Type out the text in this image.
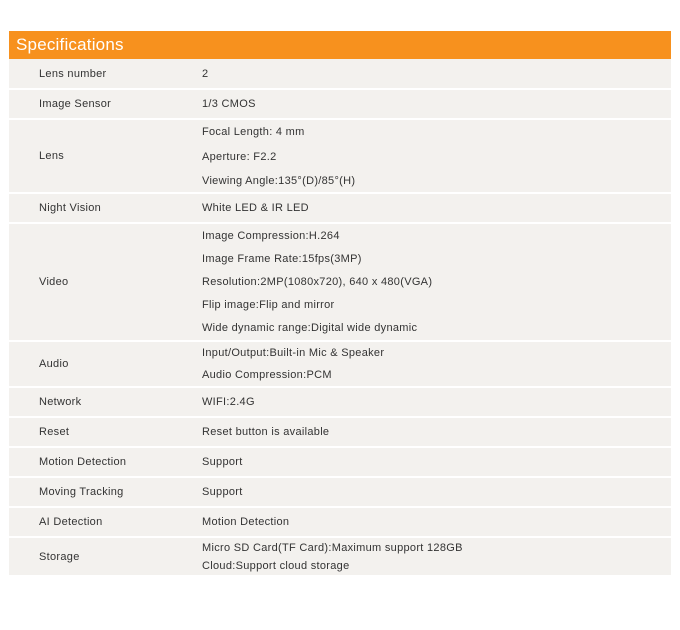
Specifications
Lens number	2

Image Sensor	1/3 CMOS

Lens	Focal Length: 4 mm
Aperture: F2.2
Viewing Angle:135°(D)/85°(H)

Night Vision	White LED & IR LED

Video	Image Compression:H.264
Image Frame Rate:15fps(3MP)
Resolution:2MP(1080x720), 640 x 480(VGA)
Flip image:Flip and mirror
Wide dynamic range:Digital wide dynamic

Audio	Input/Output:Built-in Mic & Speaker
Audio Compression:PCM

Network	WIFI:2.4G

Reset	Reset button is available

Motion Detection	Support

Moving Tracking	Support

AI Detection	Motion Detection

Storage	Micro SD Card(TF Card):Maximum support 128GB
Cloud:Support cloud storage
